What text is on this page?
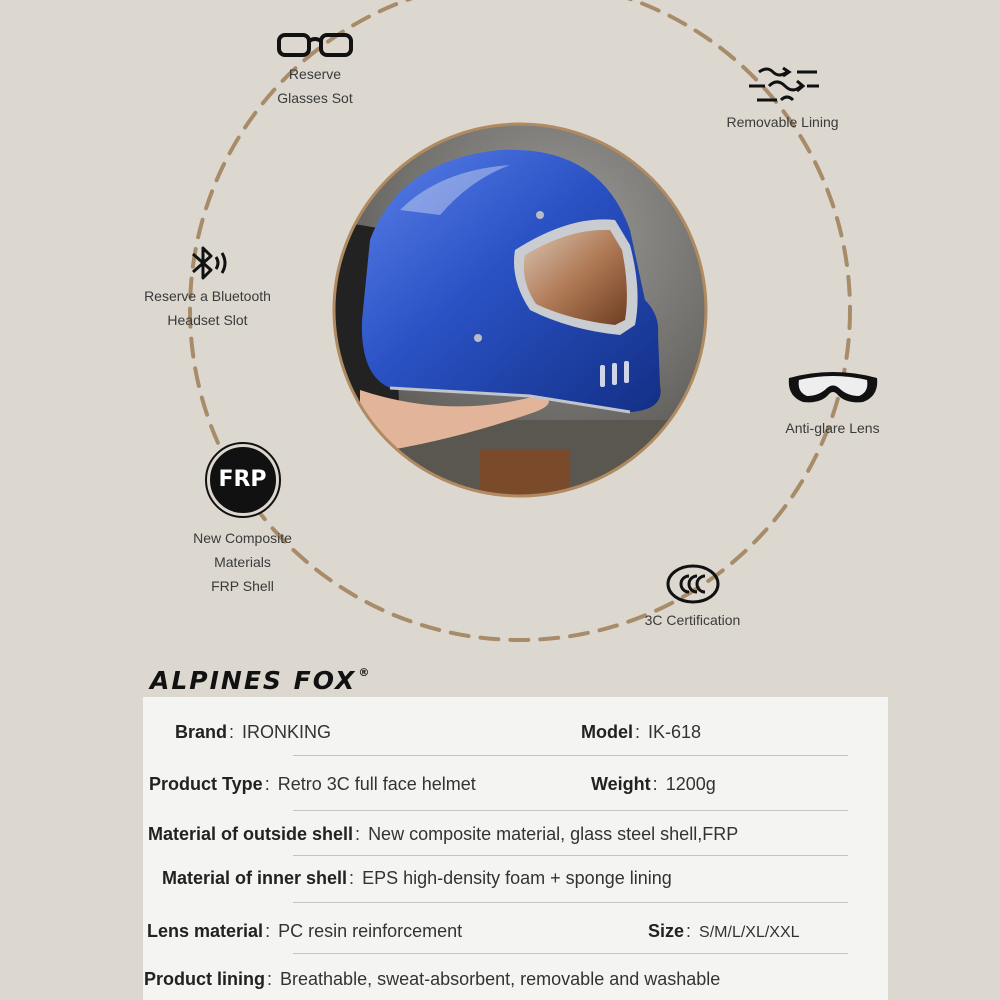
Reserve
Glasses Sot
Removable Lining
Reserve a Bluetooth
Headset Slot
Anti-glare Lens
FRP
New Composite
Materials
FRP Shell
3C Certification
ALPINES FOX ®
Brand : IRONKING	Model : IK-618
Product Type : Retro 3C full face helmet	Weight : 1200g
Material of outside shell : New composite material, glass steel shell,FRP
Material of inner shell : EPS high-density foam + sponge lining
Lens material : PC resin reinforcement	Size : S/M/L/XL/XXL
Product lining : Breathable, sweat-absorbent, removable and washable
